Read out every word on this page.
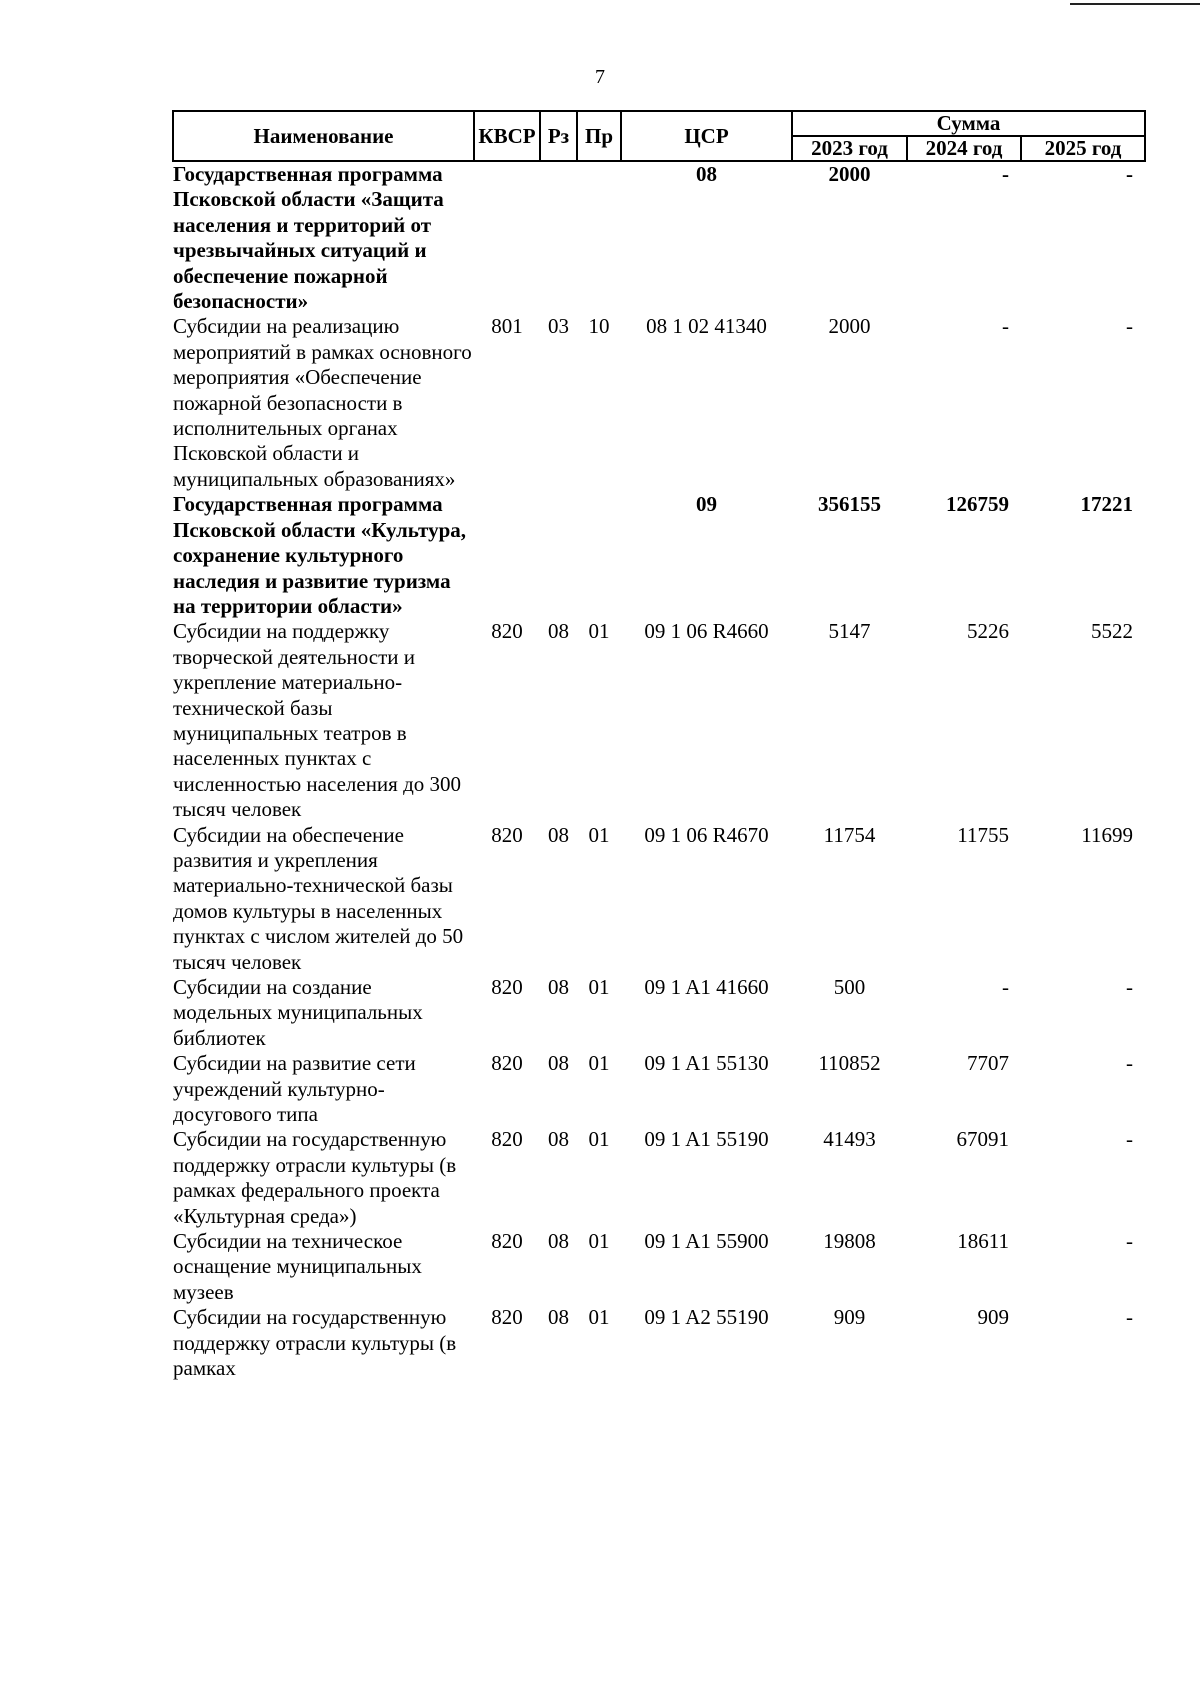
7
Наименование	КВСР	Рз	Пр	ЦСР	Сумма		
					2023 год	2024 год	2025 год
Государственная программа Псковской области «Защита населения и территорий от чрезвычайных ситуаций и обеспечение пожарной безопасности»				08	2000	-	-
Субсидии на реализацию мероприятий в рамках основного мероприятия «Обеспечение пожарной безопасности в исполнительных органах Псковской области и муниципальных образованиях»	801	03	10	08 1 02 41340	2000	-	-
Государственная программа Псковской области «Культура, сохранение культурного наследия и развитие туризма на территории области»				09	356155	126759	17221
Субсидии на поддержку творческой деятельности и укрепление материально-технической базы муниципальных театров в населенных пунктах с численностью населения до 300 тысяч человек	820	08	01	09 1 06 R4660	5147	5226	5522
Субсидии на обеспечение развития и укрепления материально-технической базы домов культуры в населенных пунктах с числом жителей до 50 тысяч человек	820	08	01	09 1 06 R4670	11754	11755	11699
Субсидии на создание модельных муниципальных библиотек	820	08	01	09 1 A1 41660	500	-	-
Субсидии на развитие сети учреждений культурно-досугового типа	820	08	01	09 1 A1 55130	110852	7707	-
Субсидии на государственную поддержку отрасли культуры (в рамках федерального проекта «Культурная среда»)	820	08	01	09 1 A1 55190	41493	67091	-
Субсидии на техническое оснащение муниципальных музеев	820	08	01	09 1 A1 55900	19808	18611	-
Субсидии на государственную поддержку отрасли культуры (в рамках	820	08	01	09 1 A2 55190	909	909	-
